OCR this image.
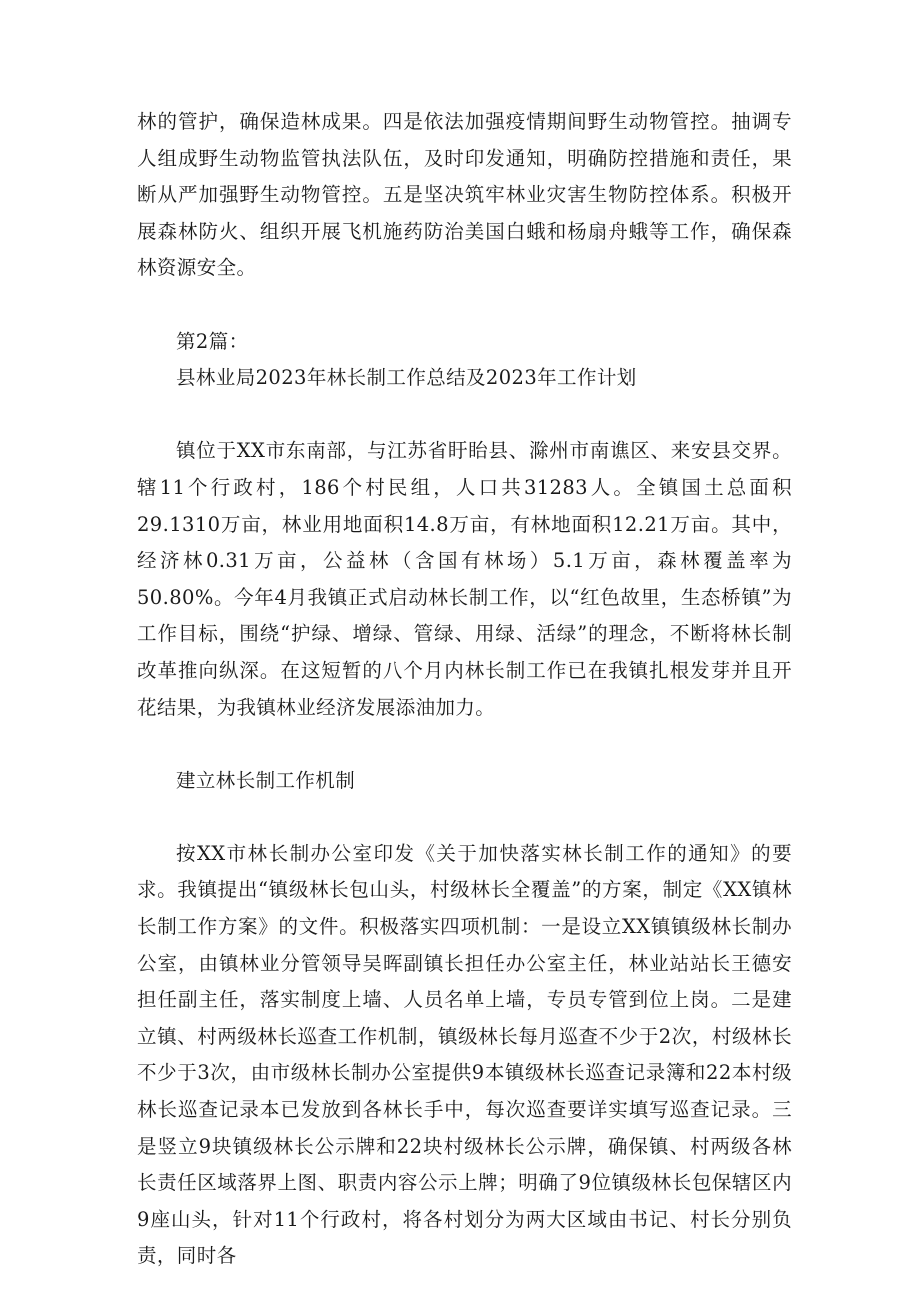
林的管护，确保造林成果。四是依法加强疫情期间野生动物管控。抽调专人组成野生动物监管执法队伍，及时印发通知，明确防控措施和责任，果断从严加强野生动物管控。五是坚决筑牢林业灾害生物防控体系。积极开展森林防火、组织开展飞机施药防治美国白蛾和杨扇舟蛾等工作，确保森林资源安全。

第2篇：

县林业局2023年林长制工作总结及2023年工作计划

镇位于XX市东南部，与江苏省盱眙县、滁州市南谯区、来安县交界。辖11个行政村，186个村民组，人口共31283人。全镇国土总面积29.1310万亩，林业用地面积14.8万亩，有林地面积12.21万亩。其中，经济林0.31万亩，公益林（含国有林场）5.1万亩，森林覆盖率为50.80%。今年4月我镇正式启动林长制工作，以“红色故里，生态桥镇”为工作目标，围绕“护绿、增绿、管绿、用绿、活绿”的理念，不断将林长制改革推向纵深。在这短暂的八个月内林长制工作已在我镇扎根发芽并且开花结果，为我镇林业经济发展添油加力。

建立林长制工作机制

按XX市林长制办公室印发《关于加快落实林长制工作的通知》的要求。我镇提出“镇级林长包山头，村级林长全覆盖”的方案，制定《XX镇林长制工作方案》的文件。积极落实四项机制：一是设立XX镇镇级林长制办公室，由镇林业分管领导吴晖副镇长担任办公室主任，林业站站长王德安担任副主任，落实制度上墙、人员名单上墙，专员专管到位上岗。二是建立镇、村两级林长巡查工作机制，镇级林长每月巡查不少于2次，村级林长不少于3次，由市级林长制办公室提供9本镇级林长巡查记录簿和22本村级林长巡查记录本已发放到各林长手中，每次巡查要详实填写巡查记录。三是竖立9块镇级林长公示牌和22块村级林长公示牌，确保镇、村两级各林长责任区域落界上图、职责内容公示上牌；明确了9位镇级林长包保辖区内9座山头，针对11个行政村，将各村划分为两大区域由书记、村长分别负责，同时各
